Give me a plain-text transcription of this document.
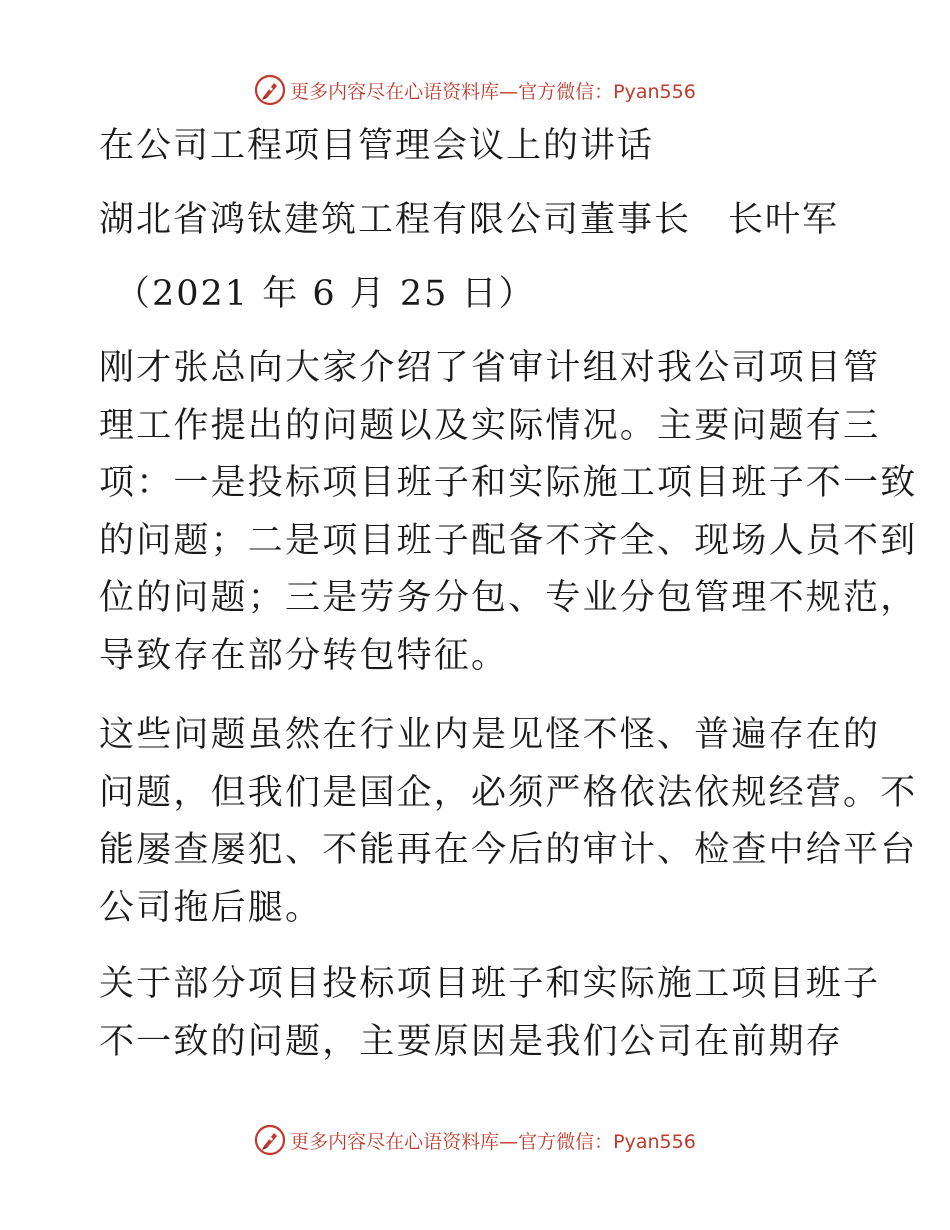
更多内容尽在心语资料库—官方微信：Pyan556
在公司工程项目管理会议上的讲话
湖北省鸿钛建筑工程有限公司董事长　长叶军
（2021 年 6 月 25 日）

刚才张总向大家介绍了省审计组对我公司项目管

理工作提出的问题以及实际情况。主要问题有三

项：一是投标项目班子和实际施工项目班子不一致

的问题；二是项目班子配备不齐全、现场人员不到

位的问题；三是劳务分包、专业分包管理不规范，

导致存在部分转包特征。

这些问题虽然在行业内是见怪不怪、普遍存在的

问题，但我们是国企，必须严格依法依规经营。不

能屡查屡犯、不能再在今后的审计、检查中给平台

公司拖后腿。

关于部分项目投标项目班子和实际施工项目班子

不一致的问题，主要原因是我们公司在前期存

更多内容尽在心语资料库—官方微信：Pyan556
